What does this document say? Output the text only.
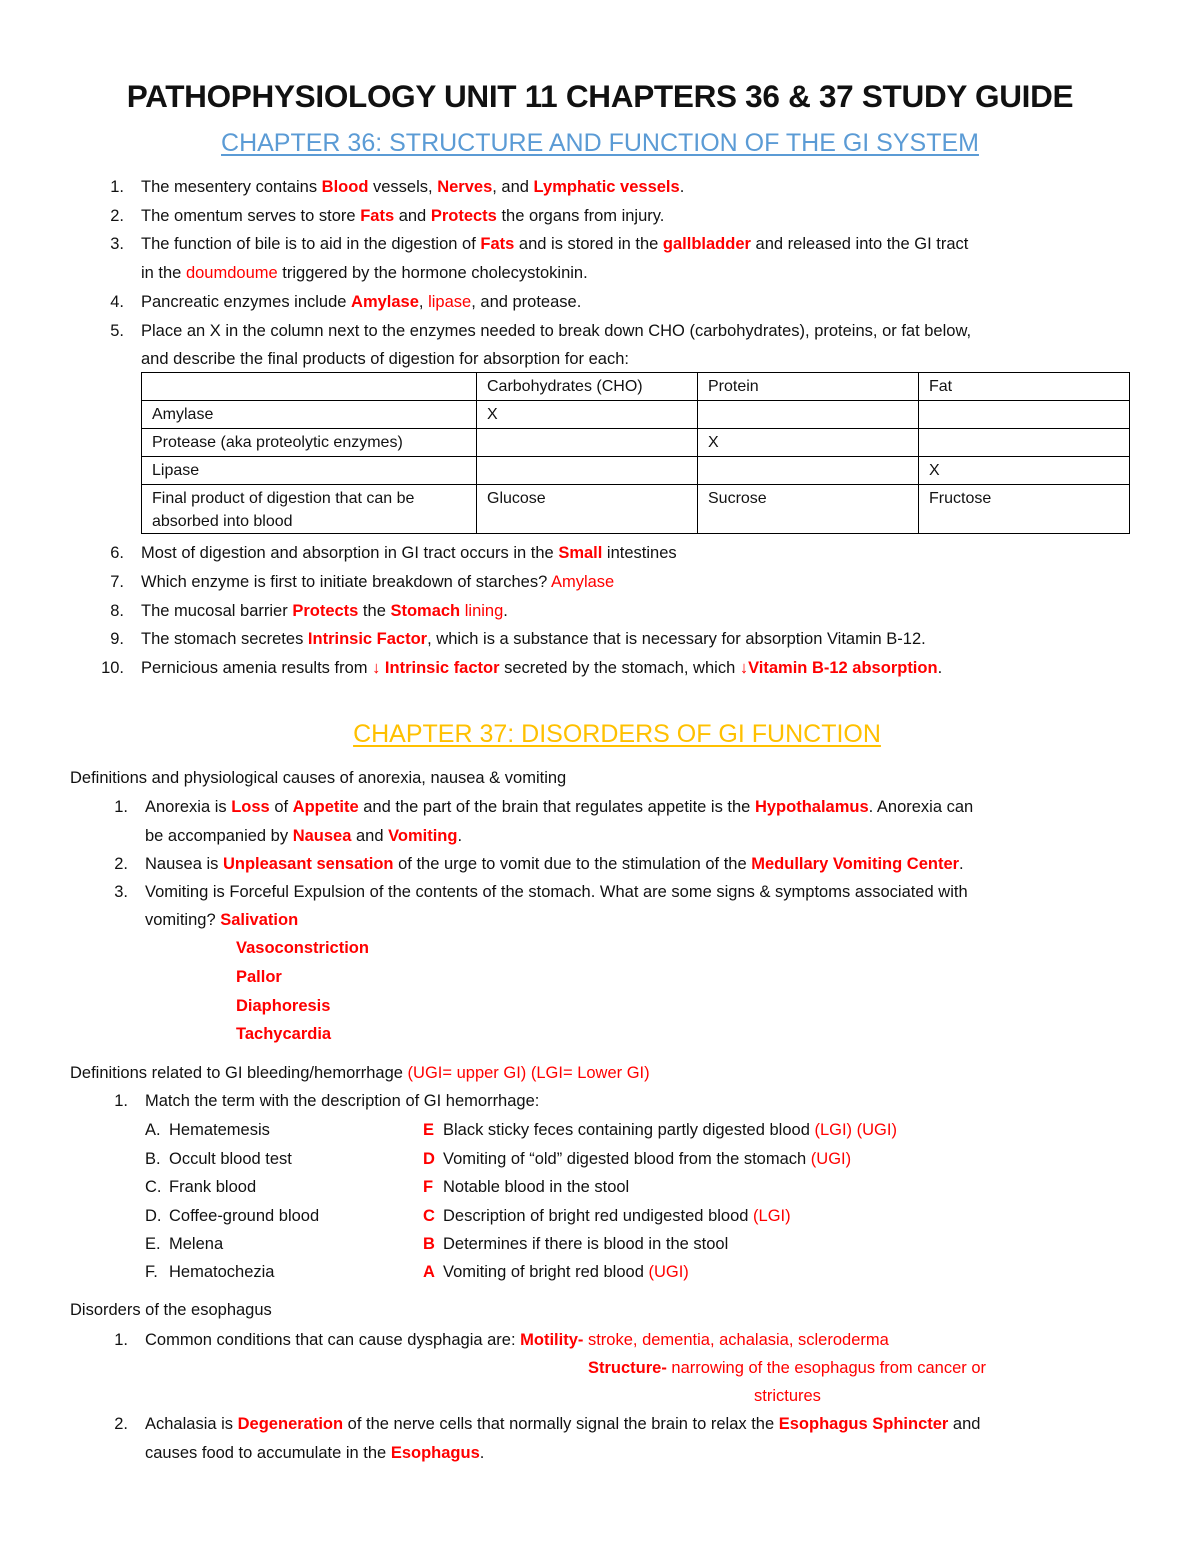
PATHOPHYSIOLOGY UNIT 11 CHAPTERS 36 & 37 STUDY GUIDE
CHAPTER 36: STRUCTURE AND FUNCTION OF THE GI SYSTEM
1. The mesentery contains Blood vessels, Nerves, and Lymphatic vessels.
2. The omentum serves to store Fats and Protects the organs from injury.
3. The function of bile is to aid in the digestion of Fats and is stored in the gallbladder and released into the GI tract
in the doumdoume triggered by the hormone cholecystokinin.
4. Pancreatic enzymes include Amylase, lipase, and protease.
5. Place an X in the column next to the enzymes needed to break down CHO (carbohydrates), proteins, or fat below,
and describe the final products of digestion for absorption for each:
	Carbohydrates (CHO)	Protein	Fat
Amylase	X		
Protease (aka proteolytic enzymes)		X	
Lipase			X
Final product of digestion that can be absorbed into blood	Glucose	Sucrose	Fructose
6. Most of digestion and absorption in GI tract occurs in the Small intestines
7. Which enzyme is first to initiate breakdown of starches? Amylase
8. The mucosal barrier Protects the Stomach lining.
9. The stomach secretes Intrinsic Factor, which is a substance that is necessary for absorption Vitamin B-12.
10. Pernicious amenia results from ↓ Intrinsic factor secreted by the stomach, which ↓Vitamin B-12 absorption.
CHAPTER 37: DISORDERS OF GI FUNCTION
Definitions and physiological causes of anorexia, nausea & vomiting
1. Anorexia is Loss of Appetite and the part of the brain that regulates appetite is the Hypothalamus. Anorexia can
be accompanied by Nausea and Vomiting.
2. Nausea is Unpleasant sensation of the urge to vomit due to the stimulation of the Medullary Vomiting Center.
3. Vomiting is Forceful Expulsion of the contents of the stomach. What are some signs & symptoms associated with
vomiting? Salivation
Vasoconstriction
Pallor
Diaphoresis
Tachycardia
Definitions related to GI bleeding/hemorrhage (UGI= upper GI) (LGI= Lower GI)
1. Match the term with the description of GI hemorrhage:
A. Hematemesis	E Black sticky feces containing partly digested blood (LGI) (UGI)
B. Occult blood test	D Vomiting of “old” digested blood from the stomach (UGI)
C. Frank blood	F Notable blood in the stool
D. Coffee-ground blood	C Description of bright red undigested blood (LGI)
E. Melena	B Determines if there is blood in the stool
F. Hematochezia	A Vomiting of bright red blood (UGI)
Disorders of the esophagus
1. Common conditions that can cause dysphagia are: Motility- stroke, dementia, achalasia, scleroderma
Structure- narrowing of the esophagus from cancer or
strictures
2. Achalasia is Degeneration of the nerve cells that normally signal the brain to relax the Esophagus Sphincter and
causes food to accumulate in the Esophagus.
